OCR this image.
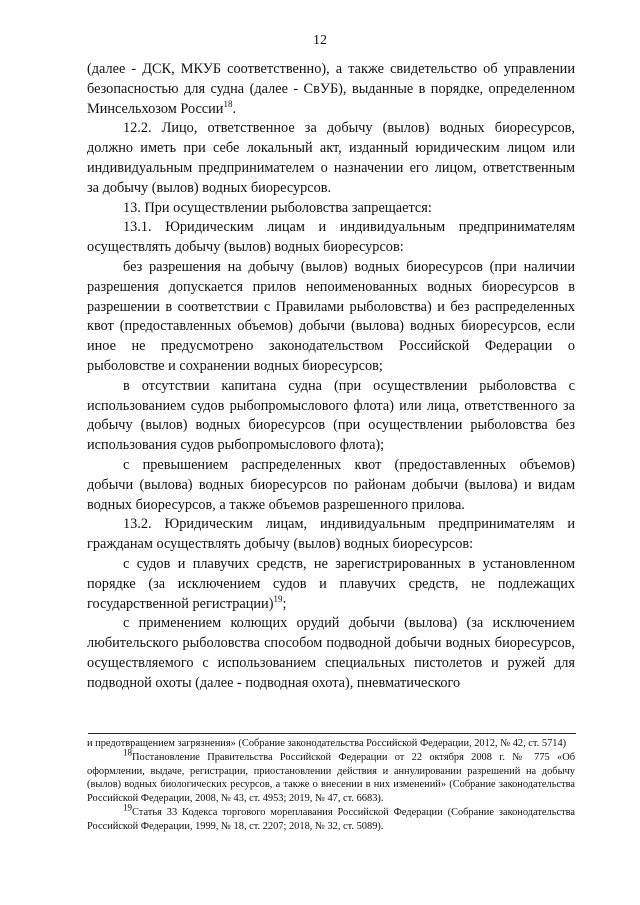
12

(далее - ДСК, МКУБ соответственно), а также свидетельство об управлении безопасностью для судна (далее - СвУБ), выданные в порядке, определенном Минсельхозом России$^{18}$.

12.2. Лицо, ответственное за добычу (вылов) водных биоресурсов, должно иметь при себе локальный акт, изданный юридическим лицом или индивидуальным предпринимателем о назначении его лицом, ответственным за добычу (вылов) водных биоресурсов.

13. При осуществлении рыболовства запрещается:

13.1. Юридическим лицам и индивидуальным предпринимателям осуществлять добычу (вылов) водных биоресурсов:

без разрешения на добычу (вылов) водных биоресурсов (при наличии разрешения допускается прилов непоименованных водных биоресурсов в разрешении в соответствии с Правилами рыболовства) и без распределенных квот (предоставленных объемов) добычи (вылова) водных биоресурсов, если иное не предусмотрено законодательством Российской Федерации о рыболовстве и сохранении водных биоресурсов;

в отсутствии капитана судна (при осуществлении рыболовства с использованием судов рыбопромыслового флота) или лица, ответственного за добычу (вылов) водных биоресурсов (при осуществлении рыболовства без использования судов рыбопромыслового флота);

с превышением распределенных квот (предоставленных объемов) добычи (вылова) водных биоресурсов по районам добычи (вылова) и видам водных биоресурсов, а также объемов разрешенного прилова.

13.2. Юридическим лицам, индивидуальным предпринимателям и гражданам осуществлять добычу (вылов) водных биоресурсов:

с судов и плавучих средств, не зарегистрированных в установленном порядке (за исключением судов и плавучих средств, не подлежащих государственной регистрации)$^{19}$;

с применением колющих орудий добычи (вылова) (за исключением любительского рыболовства способом подводной добычи водных биоресурсов, осуществляемого с использованием специальных пистолетов и ружей для подводной охоты (далее - подводная охота), пневматического

и предотвращением загрязнения» (Собрание законодательства Российской Федерации, 2012, № 42, ст. 5714)

$^{18}$Постановление Правительства Российской Федерации от 22 октября 2008 г. № 775 «Об оформлении, выдаче, регистрации, приостановлении действия и аннулировании разрешений на добычу (вылов) водных биологических ресурсов, а также о внесении в них изменений» (Собрание законодательства Российской Федерации, 2008, № 43, ст. 4953; 2019, № 47, ст. 6683).

$^{19}$Статья 33 Кодекса торгового мореплавания Российской Федерации (Собрание законодательства Российской Федерации, 1999, № 18, ст. 2207; 2018, № 32, ст. 5089).
